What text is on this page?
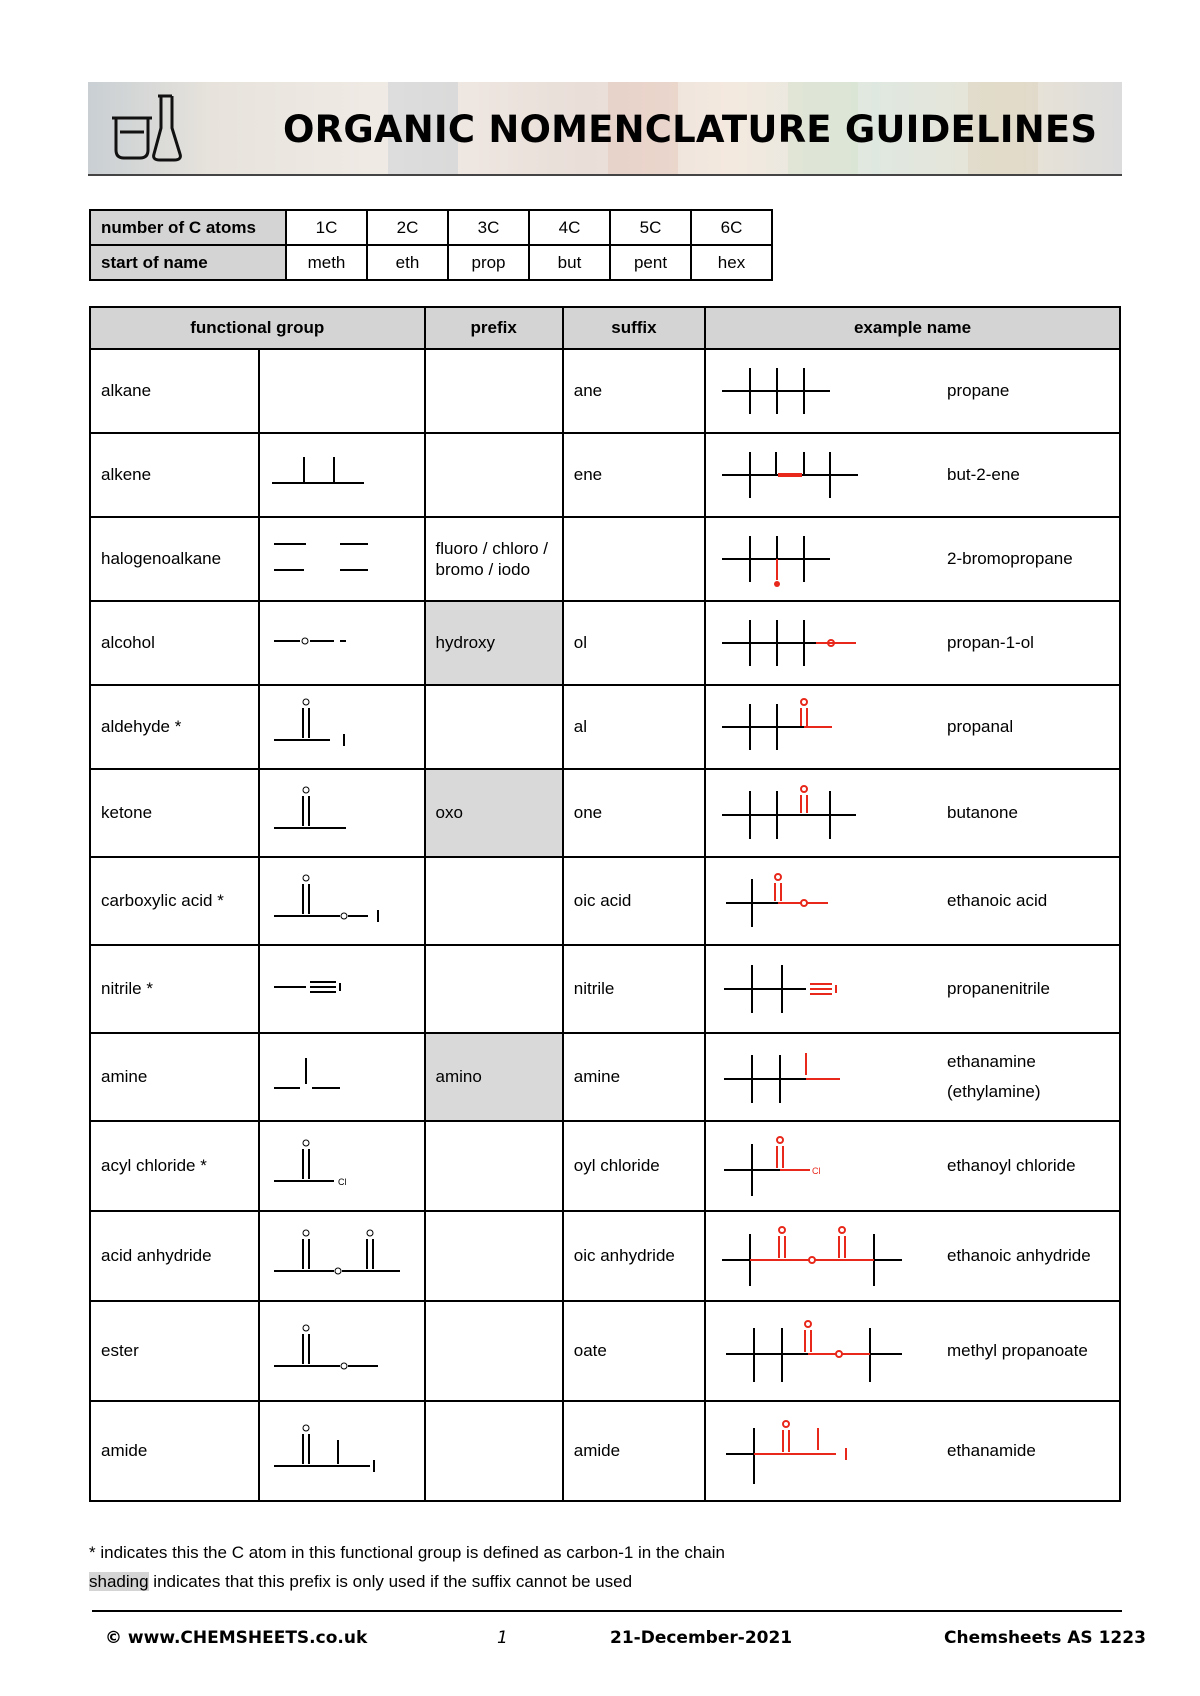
ORGANIC NOMENCLATURE GUIDELINES
number of C atoms	1C	2C	3C	4C	5C	6C
start of name	meth	eth	prop	but	pent	hex
functional group		prefix	suffix	example name
alkane			ane	propane

alkene			ene	but-2-ene

halogenoalkane		fluoro / chloro / bromo / iodo		2-bromopropane

alcohol		hydroxy	ol	propan-1-ol

aldehyde *			al	propanal

ketone		oxo	one	butanone

carboxylic acid *			oic acid	ethanoic acid

nitrile *			nitrile	propanenitrile

amine		amino	amine	ethanamine
(ethylamine)

acyl chloride *	Cl		oyl chloride	Cl ethanoyl chloride

acid anhydride			oic anhydride	ethanoic anhydride

ester			oate	methyl propanoate

amide			amide	ethanamide
* indicates this the C atom in this functional group is defined as carbon-1 in the chain
shading indicates that this prefix is only used if the suffix cannot be used
© www.CHEMSHEETS.co.uk	1	21-December-2021	Chemsheets AS 1223
